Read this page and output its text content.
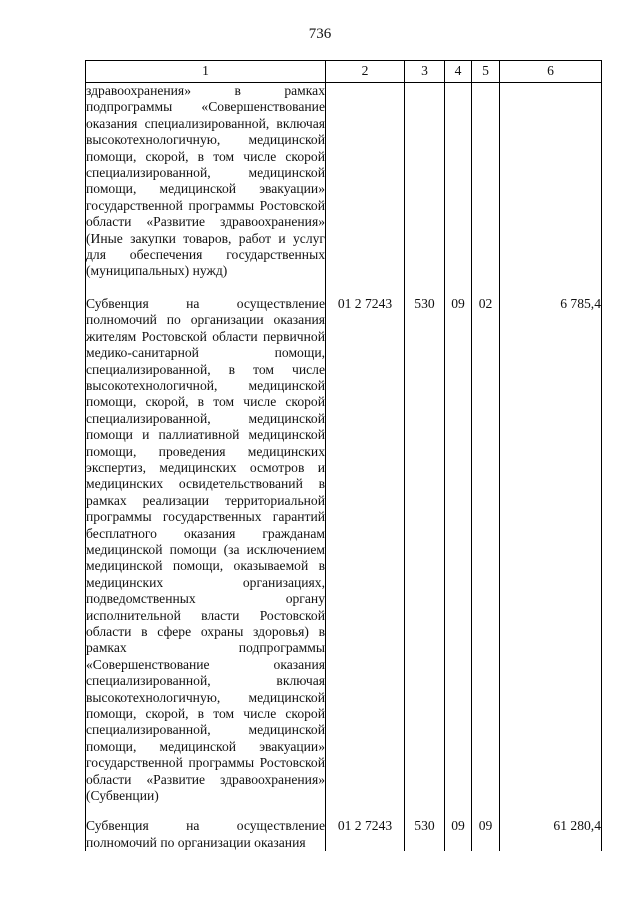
736
1	2	3	4	5	6
здравоохранения» в рамках подпрограммы «Совершенствование оказания специализированной, включая высокотехнологичную, медицинской помощи, скорой, в том числе скорой специализированной, медицинской помощи, медицинской эвакуации» государственной программы Ростовской области «Развитие здравоохранения» (Иные закупки товаров, работ и услуг для обеспечения государственных (муниципальных) нужд)					
Субвенция на осуществление полномочий по организации оказания жителям Ростовской области первичной медико-санитарной помощи, специализированной, в том числе высокотехнологичной, медицинской помощи, скорой, в том числе скорой специализированной, медицинской помощи и паллиативной медицинской помощи, проведения медицинских экспертиз, медицинских осмотров и медицинских освидетельствований в рамках реализации территориальной программы государственных гарантий бесплатного оказания гражданам медицинской помощи (за исключением медицинской помощи, оказываемой в медицинских организациях, подведомственных органу исполнительной власти Ростовской области в сфере охраны здоровья) в рамках подпрограммы «Совершенствование оказания специализированной, включая высокотехнологичную, медицинской помощи, скорой, в том числе скорой специализированной, медицинской помощи, медицинской эвакуации» государственной программы Ростовской области «Развитие здравоохранения» (Субвенции)	01 2 7243	530	09	02	6 785,4
Субвенция на осуществление полномочий по организации оказания	01 2 7243	530	09	09	61 280,4
